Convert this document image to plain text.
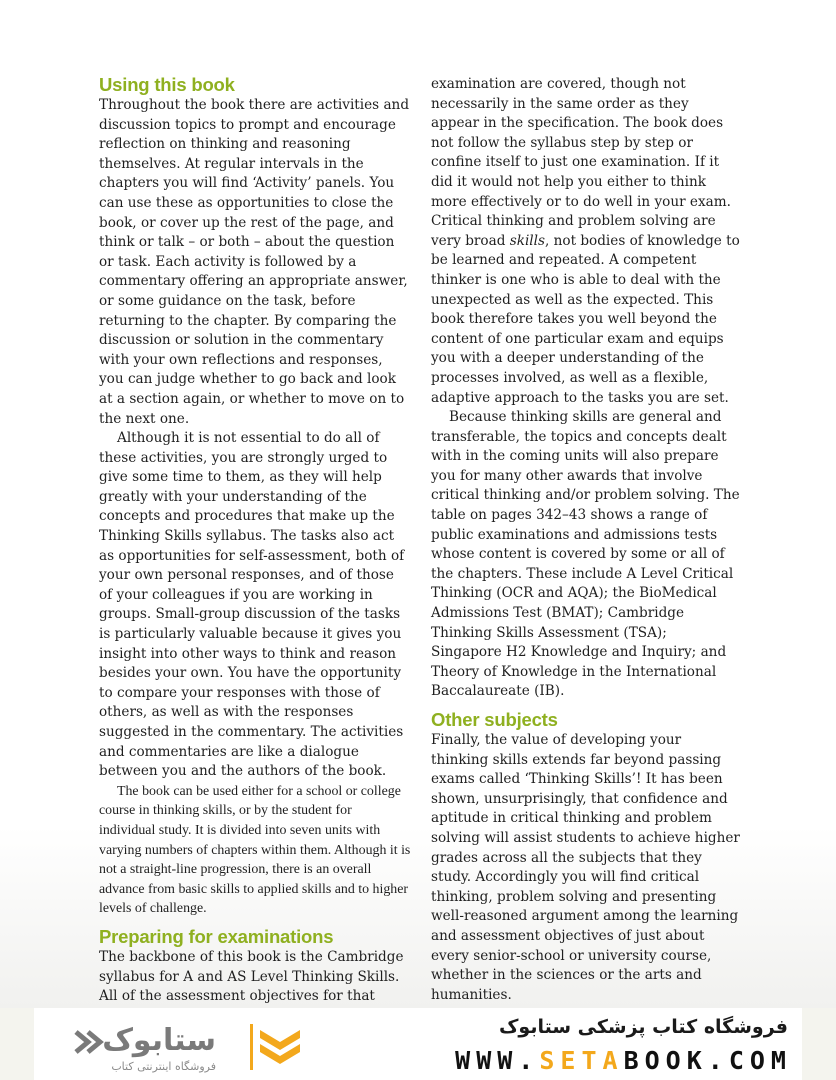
Using this book

Throughout the book there are activities and discussion topics to prompt and encourage reflection on thinking and reasoning themselves. At regular intervals in the chapters you will find ‘Activity’ panels. You can use these as opportunities to close the book, or cover up the rest of the page, and think or talk – or both – about the question or task. Each activity is followed by a commentary offering an appropriate answer, or some guidance on the task, before returning to the chapter. By comparing the discussion or solution in the commentary with your own reflections and responses, you can judge whether to go back and look at a section again, or whether to move on to the next one.

Although it is not essential to do all of these activities, you are strongly urged to give some time to them, as they will help greatly with your understanding of the concepts and procedures that make up the Thinking Skills syllabus. The tasks also act as opportunities for self-assessment, both of your own personal responses, and of those of your colleagues if you are working in groups. Small-group discussion of the tasks is particularly valuable because it gives you insight into other ways to think and reason besides your own. You have the opportunity to compare your responses with those of others, as well as with the responses suggested in the commentary. The activities and commentaries are like a dialogue between you and the authors of the book.

The book can be used either for a school or college course in thinking skills, or by the student for individual study. It is divided into seven units with varying numbers of chapters within them. Although it is not a straight-line progression, there is an overall advance from basic skills to applied skills and to higher levels of challenge.

Preparing for examinations

The backbone of this book is the Cambridge syllabus for A and AS Level Thinking Skills. All of the assessment objectives for that

examination are covered, though not necessarily in the same order as they appear in the specification. The book does not follow the syllabus step by step or confine itself to just one examination. If it did it would not help you either to think more effectively or to do well in your exam. Critical thinking and problem solving are very broad skills, not bodies of knowledge to be learned and repeated. A competent thinker is one who is able to deal with the unexpected as well as the expected. This book therefore takes you well beyond the content of one particular exam and equips you with a deeper understanding of the processes involved, as well as a flexible, adaptive approach to the tasks you are set.

Because thinking skills are general and transferable, the topics and concepts dealt with in the coming units will also prepare you for many other awards that involve critical thinking and/or problem solving. The table on pages 342–43 shows a range of public examinations and admissions tests whose content is covered by some or all of the chapters. These include A Level Critical Thinking (OCR and AQA); the BioMedical Admissions Test (BMAT); Cambridge Thinking Skills Assessment (TSA); Singapore H2 Knowledge and Inquiry; and Theory of Knowledge in the International Baccalaureate (IB).

Other subjects

Finally, the value of developing your thinking skills extends far beyond passing exams called ‘Thinking Skills’! It has been shown, unsurprisingly, that confidence and aptitude in critical thinking and problem solving will assist students to achieve higher grades across all the subjects that they study. Accordingly you will find critical thinking, problem solving and presenting well-reasoned argument among the learning and assessment objectives of just about every senior-school or university course, whether in the sciences or the arts and humanities.

ستابوک
فروشگاه اینترنتی کتاب
فروشگاه کتاب پزشکی ستابوک
WWW.SETABOOK.COM
